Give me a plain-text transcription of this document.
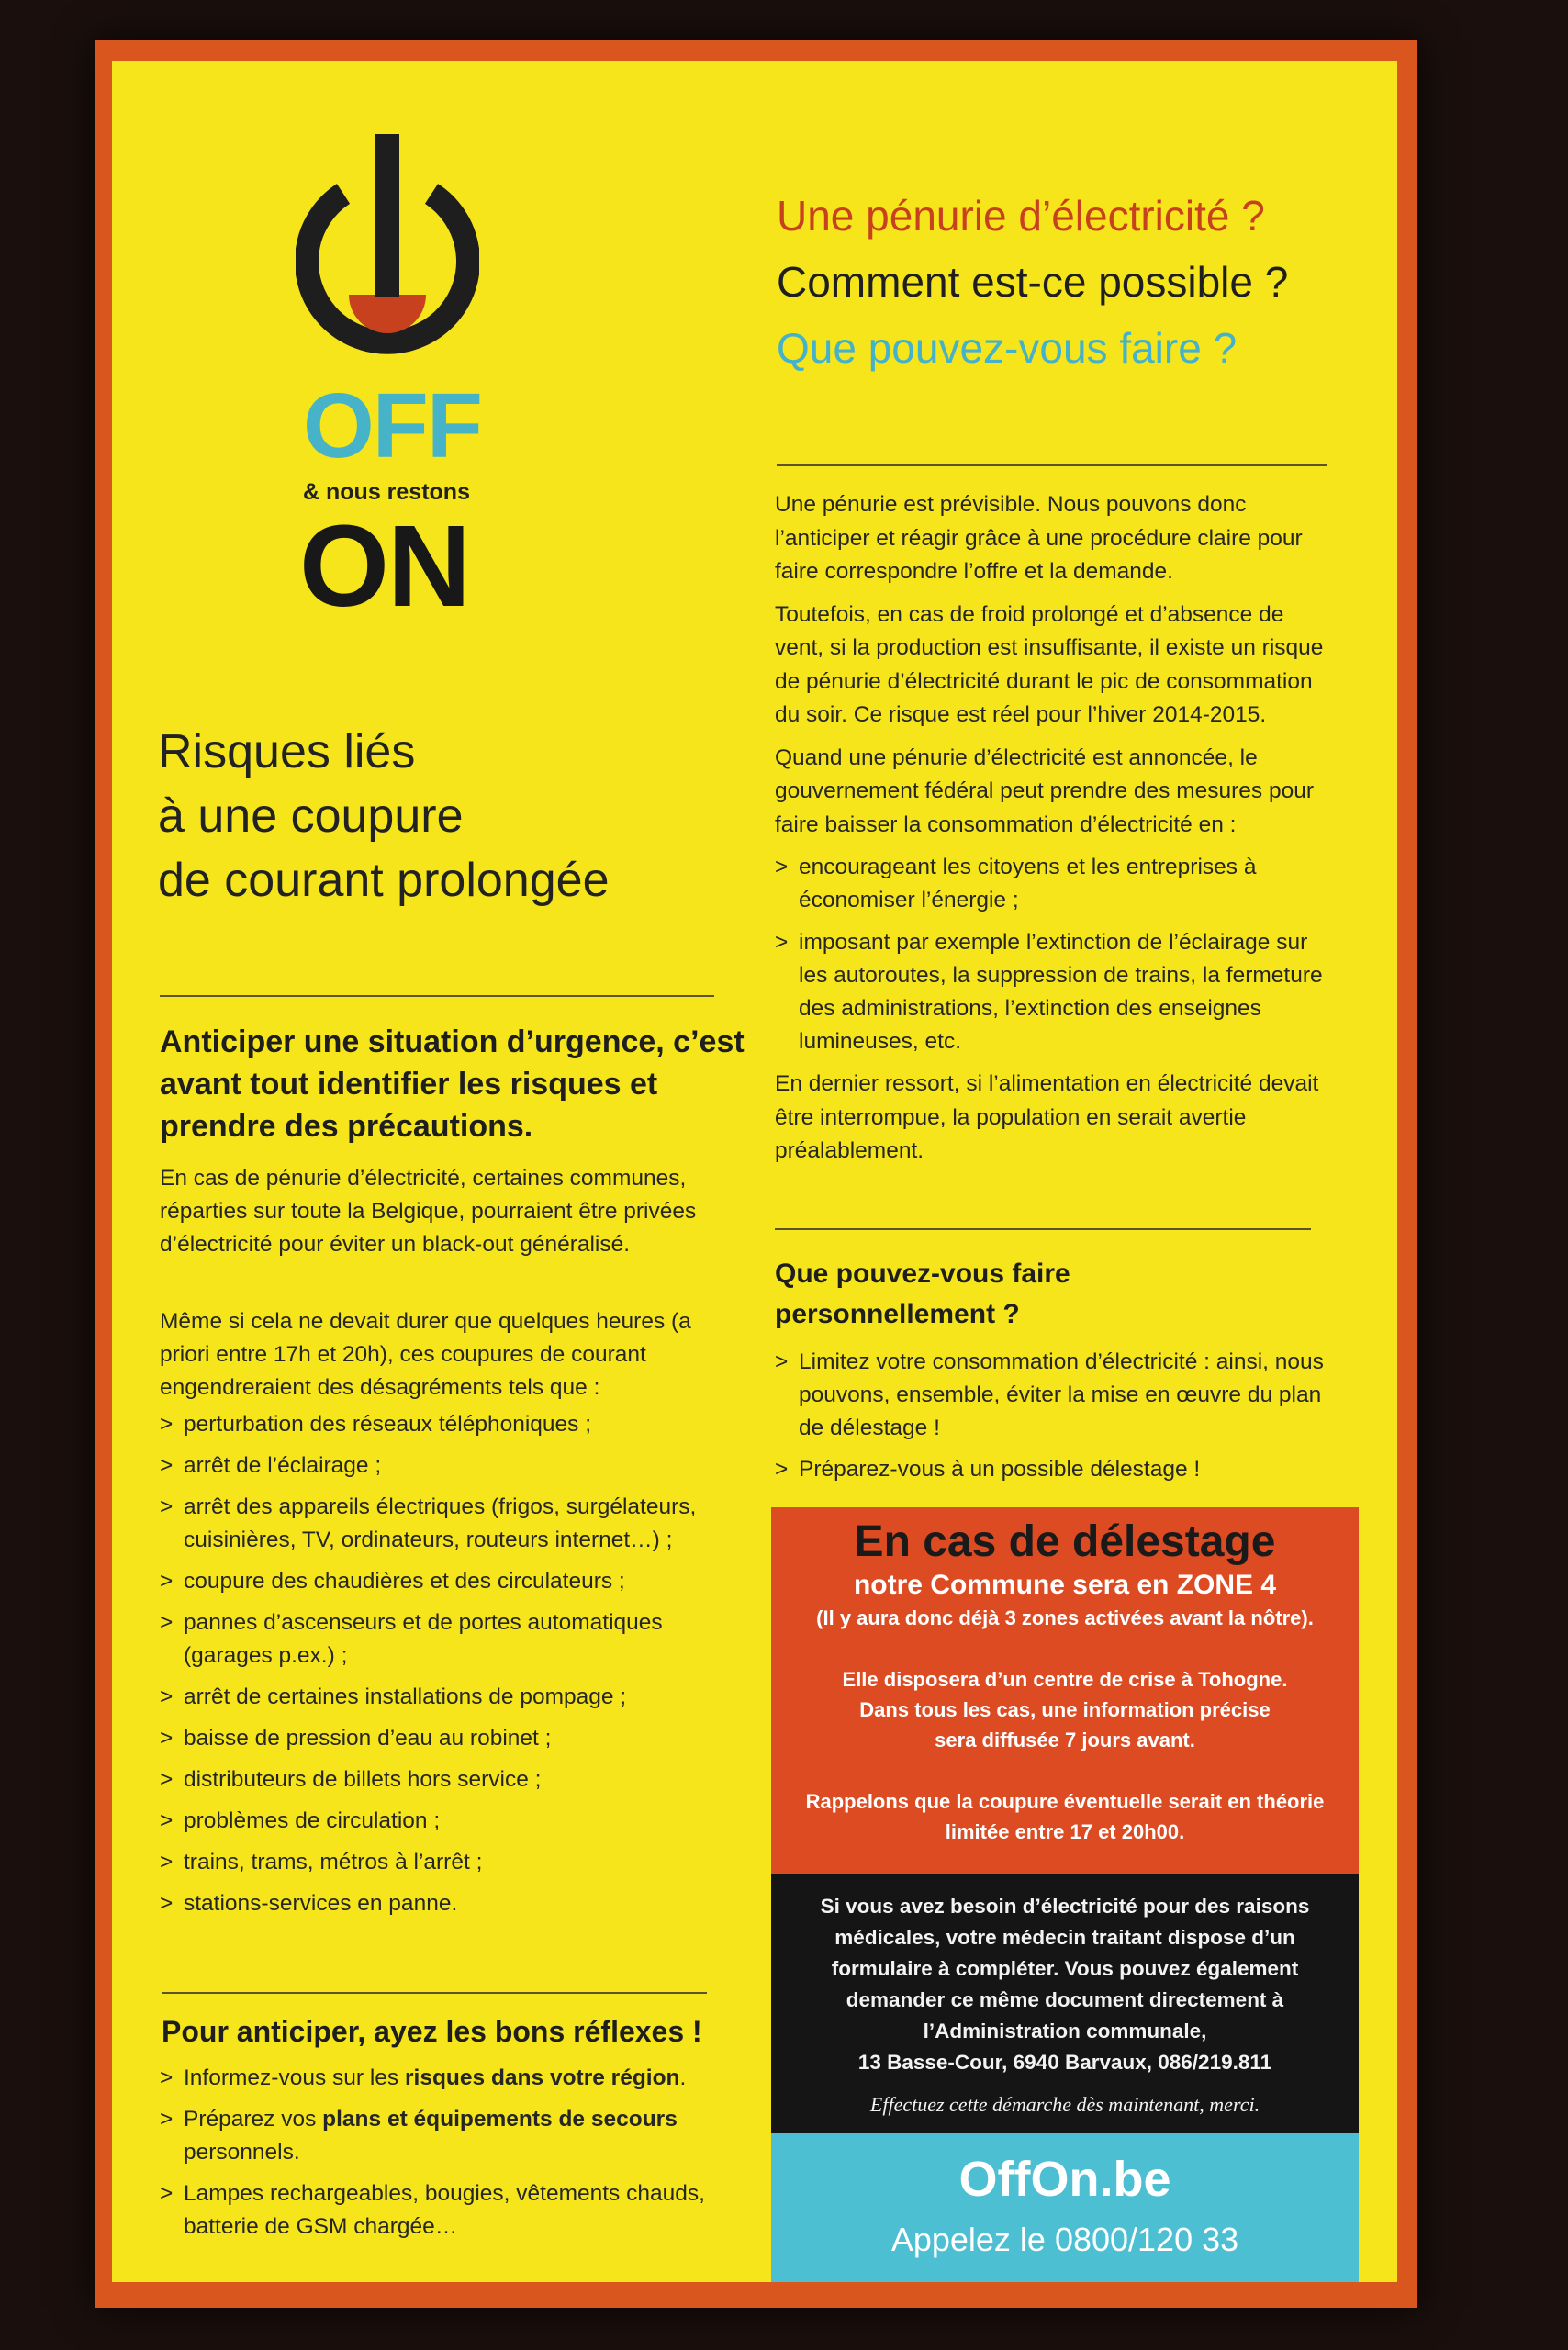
OFF
& nous restons
ON
Risques liés
à une coupure
de courant prolongée
Anticiper une situation d’urgence, c’est avant tout identifier les risques et prendre des précautions.
En cas de pénurie d’électricité, certaines communes, réparties sur toute la Belgique, pourraient être privées d’électricité pour éviter un black-out généralisé.
Même si cela ne devait durer que quelques heures (a priori entre 17h et 20h), ces coupures de courant engendreraient des désagréments tels que :
> perturbation des réseaux téléphoniques ;
> arrêt de l’éclairage ;
> arrêt des appareils électriques (frigos, surgélateurs, cuisinières, TV, ordinateurs, routeurs internet…) ;
> coupure des chaudières et des circulateurs ;
> pannes d’ascenseurs et de portes automatiques (garages p.ex.) ;
> arrêt de certaines installations de pompage ;
> baisse de pression d’eau au robinet ;
> distributeurs de billets hors service ;
> problèmes de circulation ;
> trains, trams, métros à l’arrêt ;
> stations-services en panne.
Pour anticiper, ayez les bons réflexes !
> Informez-vous sur les risques dans votre région.
> Préparez vos plans et équipements de secours personnels.
> Lampes rechargeables, bougies, vêtements chauds, batterie de GSM chargée…
Une pénurie d’électricité ?
Comment est-ce possible ?
Que pouvez-vous faire ?

Une pénurie est prévisible. Nous pouvons donc l’anticiper et réagir grâce à une procédure claire pour faire correspondre l’offre et la demande.

Toutefois, en cas de froid prolongé et d’absence de vent, si la production est insuffisante, il existe un risque de pénurie d’électricité durant le pic de consommation du soir. Ce risque est réel pour l’hiver 2014-2015.

Quand une pénurie d’électricité est annoncée, le gouvernement fédéral peut prendre des mesures pour faire baisser la consommation d’électricité en :

> encourageant les citoyens et les entreprises à économiser l’énergie ;
> imposant par exemple l’extinction de l’éclairage sur les autoroutes, la suppression de trains, la fermeture des administrations, l’extinction des enseignes lumineuses, etc.

En dernier ressort, si l’alimentation en électricité devait être interrompue, la population en serait avertie préalablement.

Que pouvez-vous faire personnellement ?
> Limitez votre consommation d’électricité : ainsi, nous pouvons, ensemble, éviter la mise en œuvre du plan de délestage !
> Préparez-vous à un possible délestage !
En cas de délestage
notre Commune sera en ZONE 4
(Il y aura donc déjà 3 zones activées avant la nôtre).
Elle disposera d’un centre de crise à Tohogne.
Dans tous les cas, une information précise
sera diffusée 7 jours avant.
Rappelons que la coupure éventuelle serait en théorie
limitée entre 17 et 20h00.
Si vous avez besoin d’électricité pour des raisons
médicales, votre médecin traitant dispose d’un
formulaire à compléter. Vous pouvez également
demander ce même document directement à
l’Administration communale,
13 Basse-Cour, 6940 Barvaux, 086/219.811
Effectuez cette démarche dès maintenant, merci.
OffOn.be
Appelez le 0800/120 33
